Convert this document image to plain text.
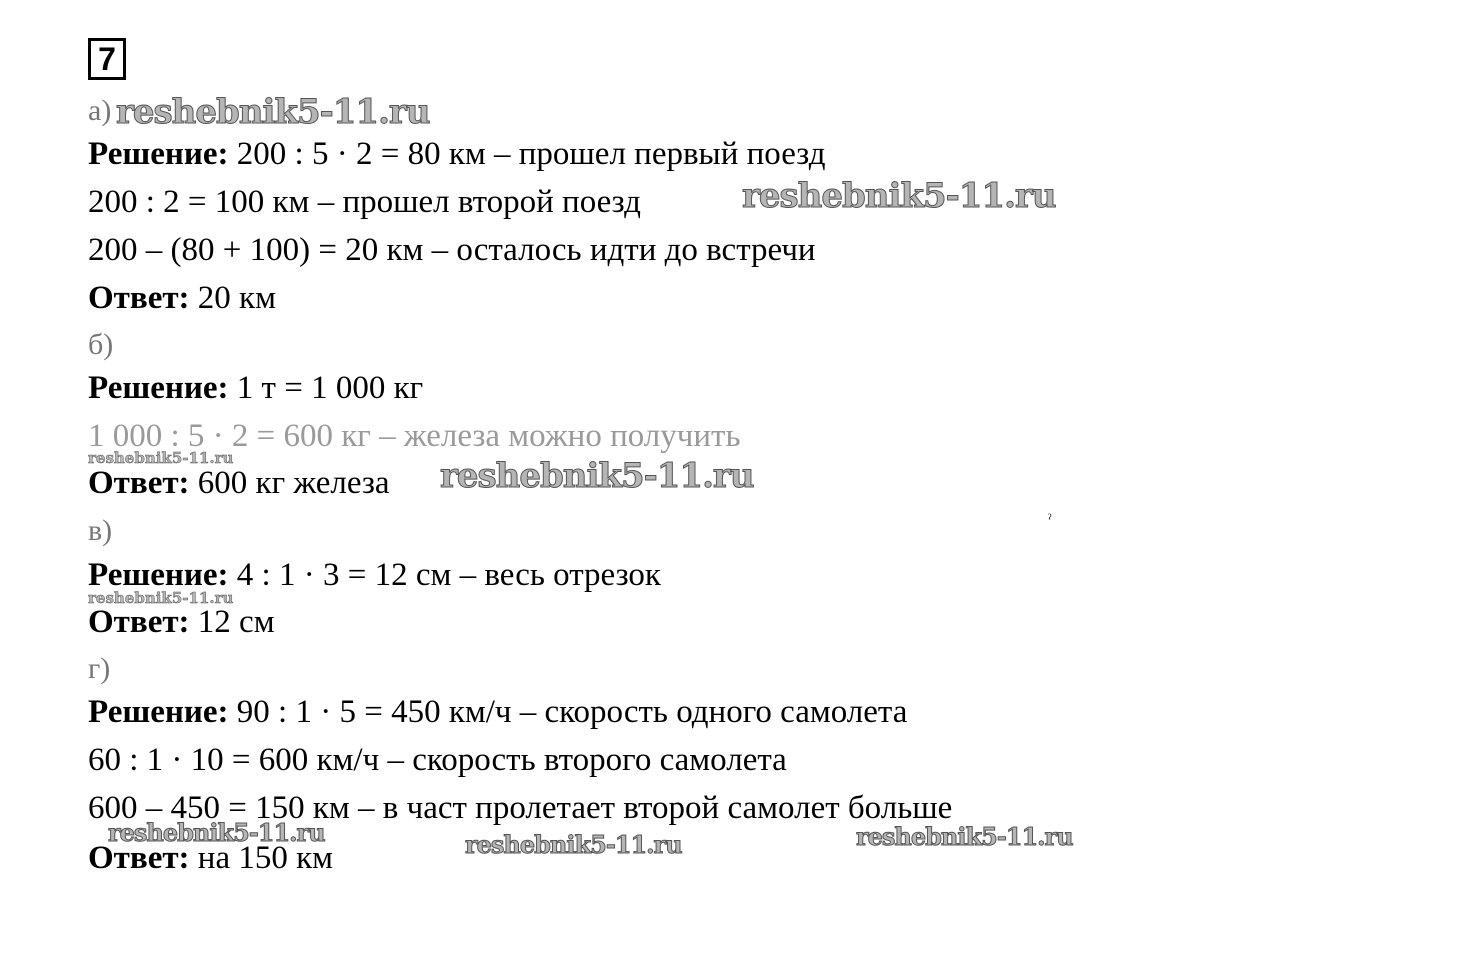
7
а)
Решение: 200 : 5 · 2 = 80 км – прошел первый поезд
200 : 2 = 100 км – прошел второй поезд
200 – (80 + 100) = 20 км – осталось идти до встречи
Ответ: 20 км
б)
Решение: 1 т = 1 000 кг
1 000 : 5 · 2 = 600 кг – железа можно получить
Ответ: 600 кг железа
в)
Решение: 4 : 1 · 3 = 12 см – весь отрезок
Ответ: 12 см
г)
Решение: 90 : 1 · 5 = 450 км/ч – скорость одного самолета
60 : 1 · 10 = 600 км/ч – скорость второго самолета
600 – 450 = 150 км – в част пролетает второй самолет больше
Ответ: на 150 км
reshebnik5-11.ru
reshebnik5-11.ru
reshebnik5-11.ru
reshebnik5-11.ru
reshebnik5-11.ru
reshebnik5-11.ru	reshebnik5-11.ru	reshebnik5-11.ru
ˀ
